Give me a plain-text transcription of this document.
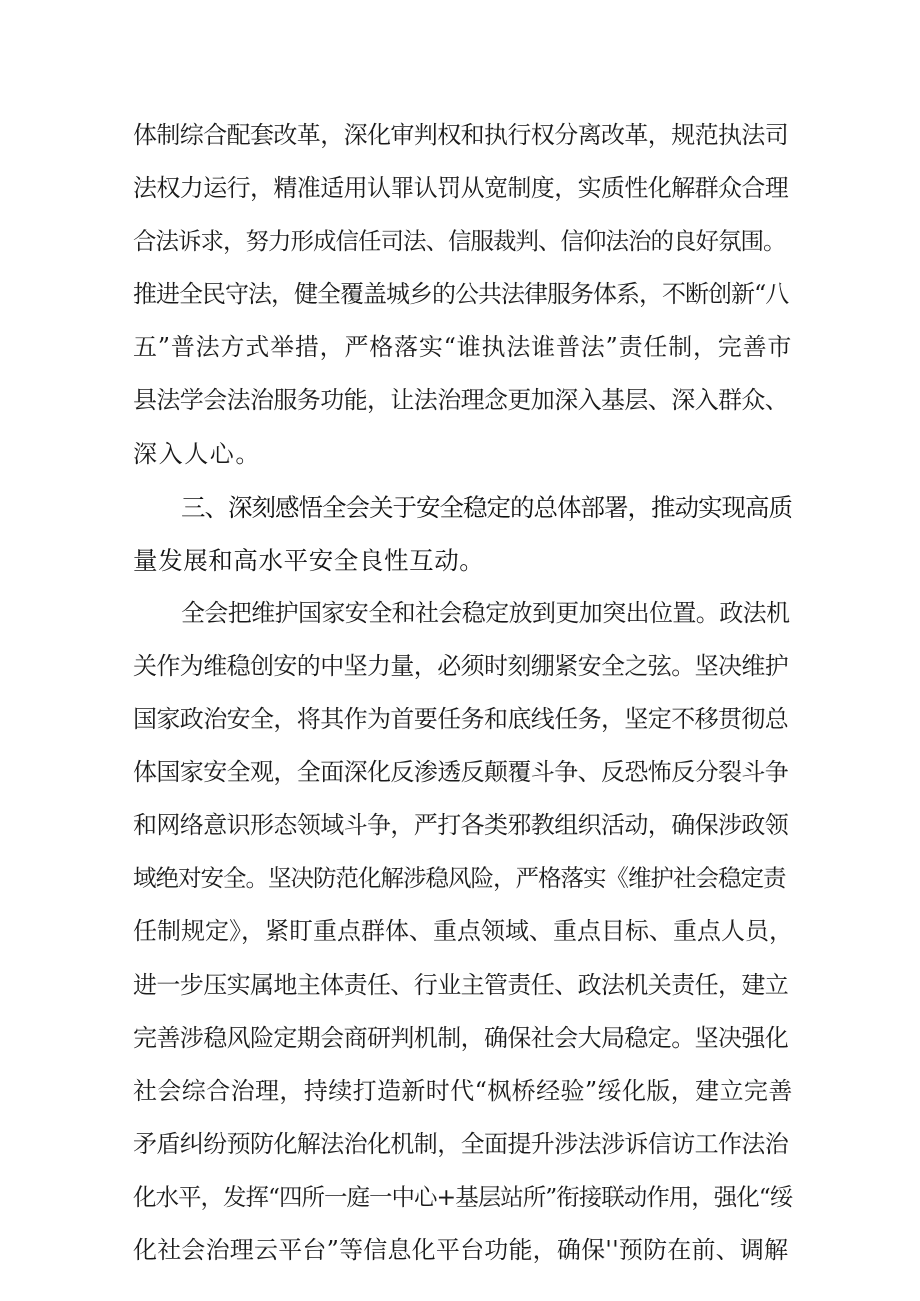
体制综合配套改革，深化审判权和执行权分离改革，规范执法司
法权力运行，精准适用认罪认罚从宽制度，实质性化解群众合理
合法诉求，努力形成信任司法、信服裁判、信仰法治的良好氛围。
推进全民守法，健全覆盖城乡的公共法律服务体系，不断创新“八
五”普法方式举措，严格落实“谁执法谁普法”责任制，完善市
县法学会法治服务功能，让法治理念更加深入基层、深入群众、
深入人心。
三、深刻感悟全会关于安全稳定的总体部署，推动实现高质
量发展和高水平安全良性互动。
全会把维护国家安全和社会稳定放到更加突出位置。政法机
关作为维稳创安的中坚力量，必须时刻绷紧安全之弦。坚决维护
国家政治安全，将其作为首要任务和底线任务，坚定不移贯彻总
体国家安全观，全面深化反渗透反颠覆斗争、反恐怖反分裂斗争
和网络意识形态领域斗争，严打各类邪教组织活动，确保涉政领
域绝对安全。坚决防范化解涉稳风险，严格落实《维护社会稳定责
任制规定》，紧盯重点群体、重点领域、重点目标、重点人员，
进一步压实属地主体责任、行业主管责任、政法机关责任，建立
完善涉稳风险定期会商研判机制，确保社会大局稳定。坚决强化
社会综合治理，持续打造新时代“枫桥经验”绥化版，建立完善
矛盾纠纷预防化解法治化机制，全面提升涉法涉诉信访工作法治
化水平，发挥“四所一庭一中心+基层站所”衔接联动作用，强化“绥
化社会治理云平台”等信息化平台功能，确保''预防在前、调解
